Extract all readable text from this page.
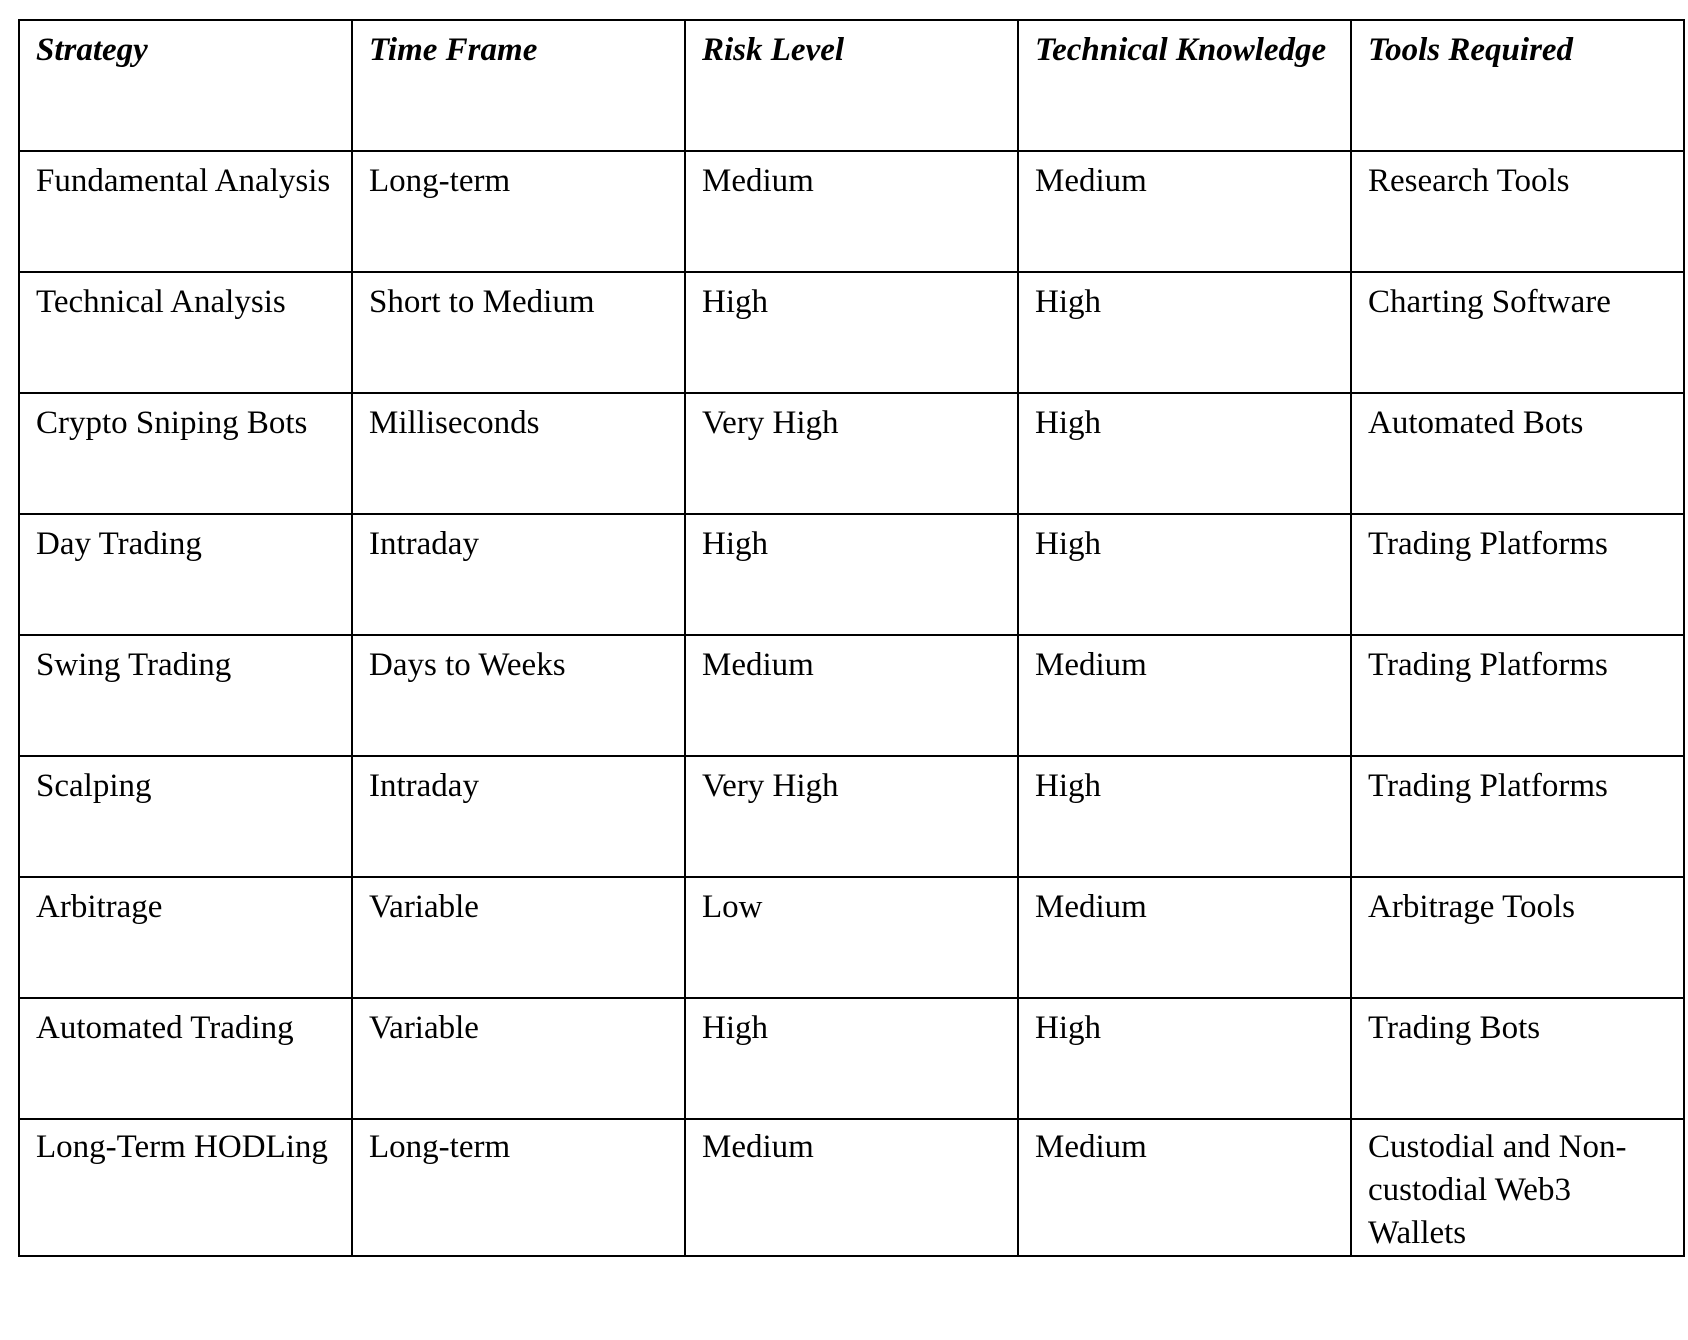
Strategy	Time Frame	Risk Level	Technical Knowledge	Tools Required
Fundamental Analysis	Long-term	Medium	Medium	Research Tools
Technical Analysis	Short to Medium	High	High	Charting Software
Crypto Sniping Bots	Milliseconds	Very High	High	Automated Bots
Day Trading	Intraday	High	High	Trading Platforms
Swing Trading	Days to Weeks	Medium	Medium	Trading Platforms
Scalping	Intraday	Very High	High	Trading Platforms
Arbitrage	Variable	Low	Medium	Arbitrage Tools
Automated Trading	Variable	High	High	Trading Bots
Long-Term HODLing	Long-term	Medium	Medium	Custodial and Non-custodial Web3 Wallets
